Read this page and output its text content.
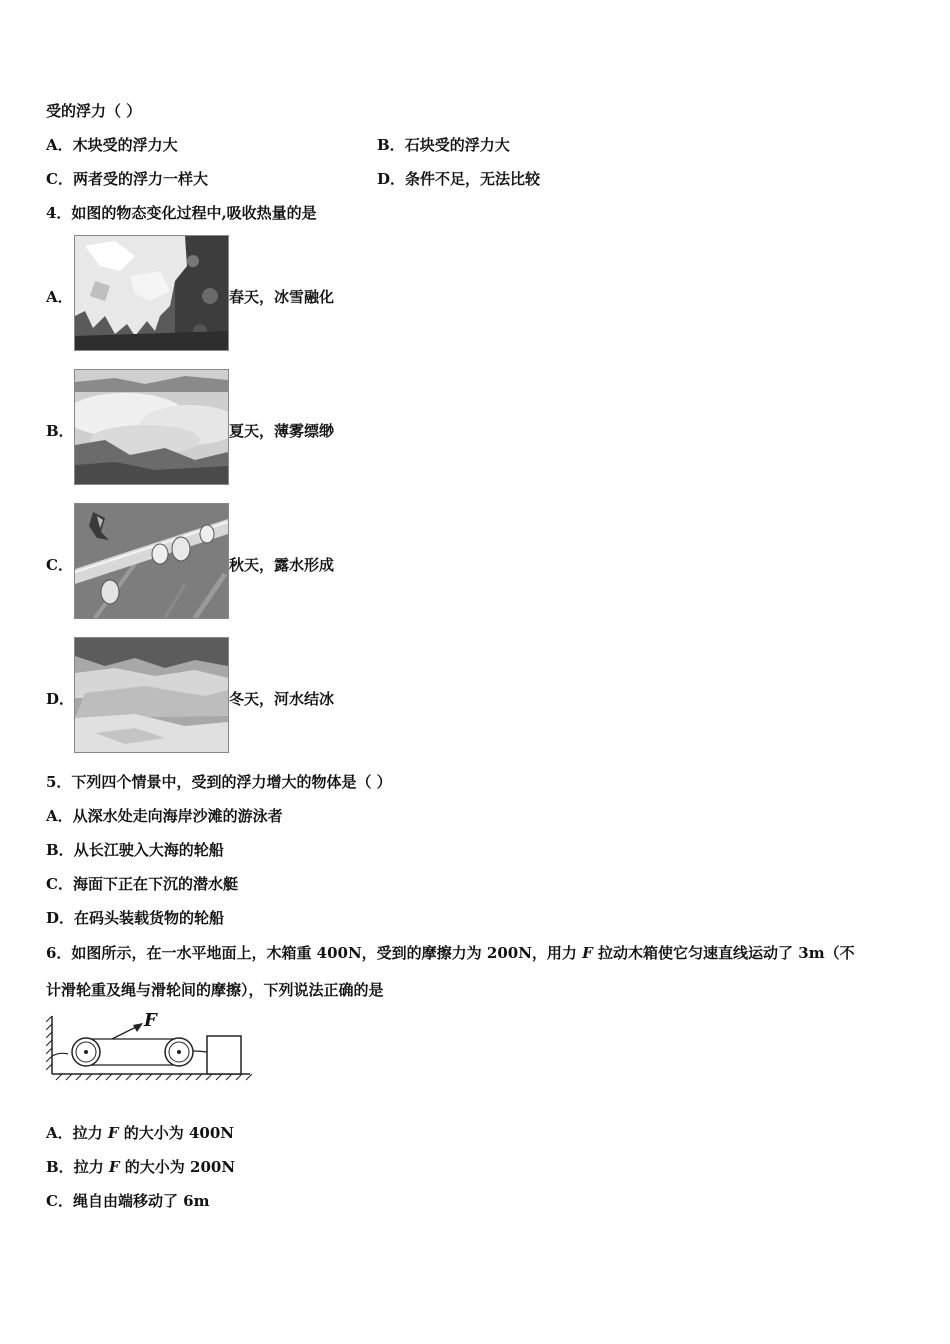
受的浮力（ ）
A．木块受的浮力大	B．石块受的浮力大
C．两者受的浮力一样大	D．条件不足，无法比较
4．如图的物态变化过程中,吸收热量的是
A．	春天，冰雪融化
B．	夏天，薄雾缥缈
C．	秋天，露水形成
D．	冬天，河水结冰
5．下列四个情景中，受到的浮力增大的物体是（ ）
A．从深水处走向海岸沙滩的游泳者
B．从长江驶入大海的轮船
C．海面下正在下沉的潜水艇
D．在码头装载货物的轮船
6．如图所示，在一水平地面上，木箱重 400N，受到的摩擦力为 200N，用力 F 拉动木箱使它匀速直线运动了 3m（不
计滑轮重及绳与滑轮间的摩擦），下列说法正确的是
F
A．拉力 F 的大小为 400N
B．拉力 F 的大小为 200N
C．绳自由端移动了 6m
